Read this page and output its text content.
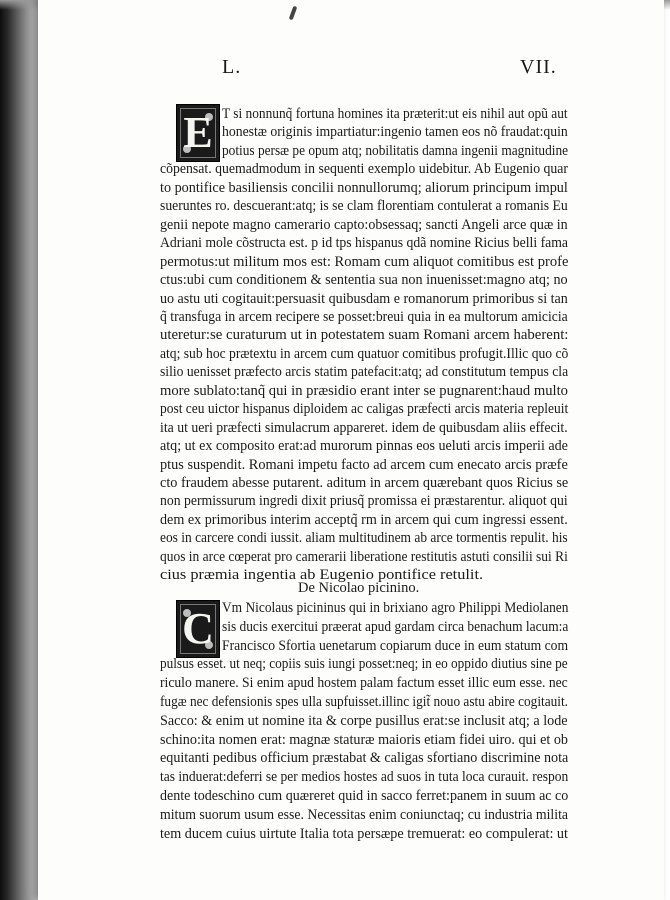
L.	VII.
E T si nonnunq̃ fortuna homines ita præterit:ut eis nihil aut opũ aut
honestæ originis impartiatur:ingenio tamen eos nõ fraudat:quin
potius persæ pe opum atq; nobilitatis damna ingenii magnitudine
cõpensat. quemadmodum in sequenti exemplo uidebitur. Ab Eugenio quar
to pontifice basiliensis concilii nonnullorumq; aliorum principum impul
sueruntes ro. descuerant:atq; is se clam florentiam contulerat a romanis Eu
genii nepote magno camerario capto:obsessaq; sancti Angeli arce quæ in
Adriani mole cõstructa est. p id tps hispanus qdã nomine Ricius belli fama
permotus:ut militum mos est: Romam cum aliquot comitibus est profe
ctus:ubi cum conditionem & sententia sua non inuenisset:magno atq; no
uo astu uti cogitauit:persuasit quibusdam e romanorum primoribus si tan
q̃ transfuga in arcem recipere se posset:breui quia in ea multorum amicicia
uteretur:se curaturum ut in potestatem suam Romani arcem haberent:
atq; sub hoc prætextu in arcem cum quatuor comitibus profugit.Illic quo cõ
silio uenisset præfecto arcis statim patefacit:atq; ad constitutum tempus cla
more sublato:tanq̃ qui in præsidio erant inter se pugnarent:haud multo
post ceu uictor hispanus diploidem ac caligas præfecti arcis materia repleuit
ita ut ueri præfecti simulacrum appareret. idem de quibusdam aliis effecit.
atq; ut ex composito erat:ad murorum pinnas eos ueluti arcis imperii ade
ptus suspendit. Romani impetu facto ad arcem cum enecato arcis præfe
cto fraudem abesse putarent. aditum in arcem quærebant quos Ricius se
non permissurum ingredi dixit priusq̃ promissa ei præstarentur. aliquot qui
dem ex primoribus interim acceptq̃ rm in arcem qui cum ingressi essent.
eos in carcere condi iussit. aliam multitudinem ab arce tormentis repulit. his
quos in arce cœperat pro camerarii liberatione restitutis astuti consilii sui Ri
cius præmia ingentia ab Eugenio pontifice retulit.
De Nicolao picinino.
C Vm Nicolaus picininus qui in brixiano agro Philippi Mediolanen
sis ducis exercitui præerat apud gardam circa benachum lacum:a
Francisco Sfortia uenetarum copiarum duce in eum statum com
pulsus esset. ut neq; copiis suis iungi posset:neq; in eo oppido diutius sine pe
riculo manere. Si enim apud hostem palam factum esset illic eum esse. nec
fugæ nec defensionis spes ulla supfuisset.illinc igit̃ nouo astu abire cogitauit.
Sacco: & enim ut nomine ita & corpe pusillus erat:se inclusit atq; a lode
schino:ita nomen erat: magnæ staturæ maioris etiam fidei uiro. qui et ob
equitanti pedibus officium præstabat & caligas sfortiano discrimine nota
tas induerat:deferri se per medios hostes ad suos in tuta loca curauit. respon
dente todeschino cum quæreret quid in sacco ferret:panem in suum ac co
mitum suorum usum esse. Necessitas enim coniunctaq; cu industria milita
tem ducem cuius uirtute Italia tota persæpe tremuerat: eo compulerat: ut
